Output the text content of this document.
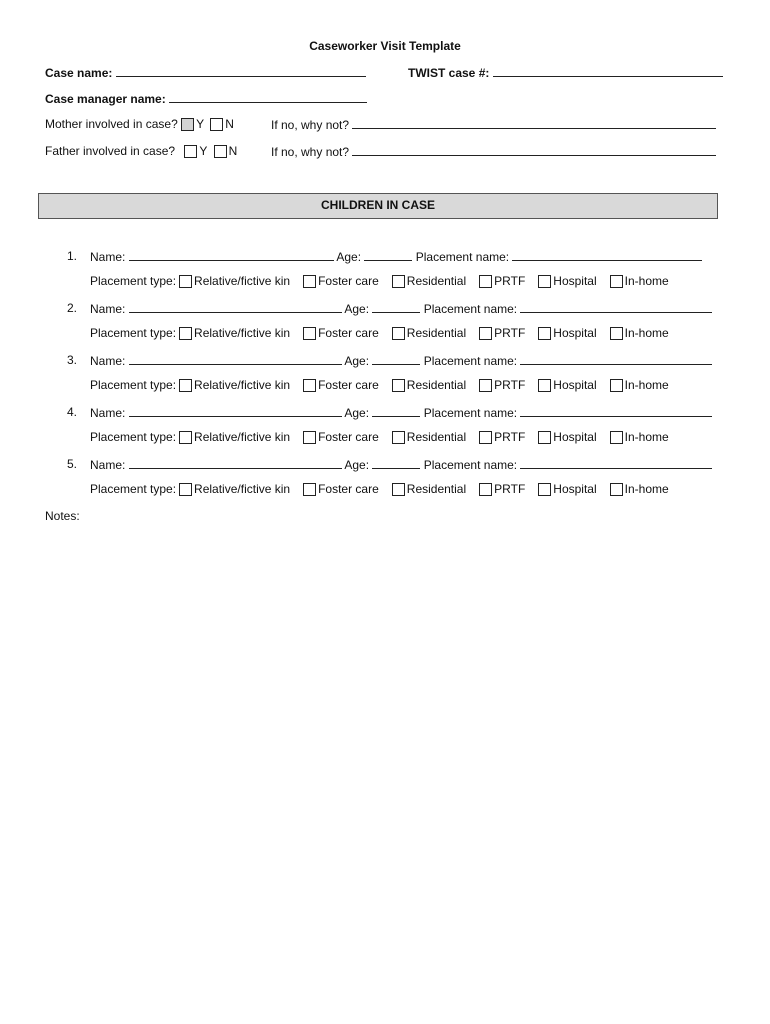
Caseworker Visit Template
Case name:	TWIST case #:
Case manager name:
Mother involved in case? Y N	If no, why not?
Father involved in case? Y N	If no, why not?
CHILDREN IN CASE
1. Name:	Age:	Placement name:
Placement type: Relative/fictive kin Foster care Residential PRTF Hospital In-home
2. Name:	Age:	Placement name:
Placement type: Relative/fictive kin Foster care Residential PRTF Hospital In-home
3. Name:	Age:	Placement name:
Placement type: Relative/fictive kin Foster care Residential PRTF Hospital In-home
4. Name:	Age:	Placement name:
Placement type: Relative/fictive kin Foster care Residential PRTF Hospital In-home
5. Name:	Age:	Placement name:
Placement type: Relative/fictive kin Foster care Residential PRTF Hospital In-home
Notes:
